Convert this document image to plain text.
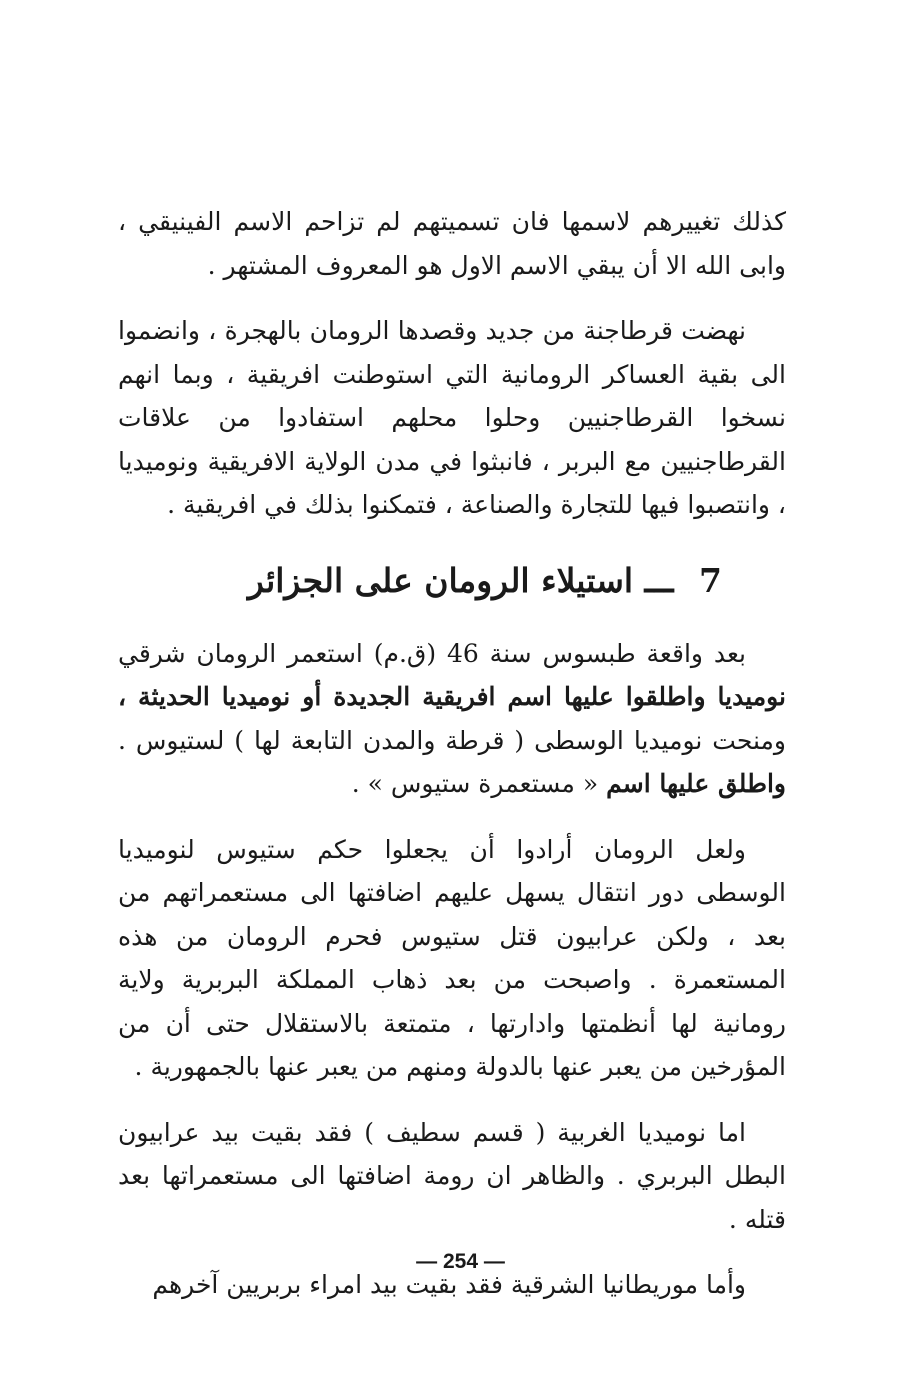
كذلك تغييرهم لاسمها فان تسميتهم لم تزاحم الاسم الفينيقي ، وابى الله الا أن يبقي الاسم الاول هو المعروف المشتهر .

نهضت قرطاجنة من جديد وقصدها الرومان بالهجرة ، وانضموا الى بقية العساكر الرومانية التي استوطنت افريقية ، وبما انهم نسخوا القرطاجنيين وحلوا محلهم استفادوا من علاقات القرطاجنيين مع البربر ، فانبثوا في مدن الولاية الافريقية ونوميديا ، وانتصبوا فيها للتجارة والصناعة ، فتمكنوا بذلك في افريقية .

7 ـــ استيلاء الرومان على الجزائر

بعد واقعة طبسوس سنة 46 (ق.م) استعمر الرومان شرقي نوميديا واطلقوا عليها اسم افريقية الجديدة أو نوميديا الحديثة ، ومنحت نوميديا الوسطى ( قرطة والمدن التابعة لها ) لستيوس . واطلق عليها اسم « مستعمرة ستيوس » .

ولعل الرومان أرادوا أن يجعلوا حكم ستيوس لنوميديا الوسطى دور انتقال يسهل عليهم اضافتها الى مستعمراتهم من بعد ، ولكن عرابيون قتل ستيوس فحرم الرومان من هذه المستعمرة . واصبحت من بعد ذهاب المملكة البربرية ولاية رومانية لها أنظمتها وادارتها ، متمتعة بالاستقلال حتى أن من المؤرخين من يعبر عنها بالدولة ومنهم من يعبر عنها بالجمهورية .

اما نوميديا الغربية ( قسم سطيف ) فقد بقيت بيد عرابيون البطل البربري . والظاهر ان رومة اضافتها الى مستعمراتها بعد قتله .

وأما موريطانيا الشرقية فقد بقيت بيد امراء بربريين آخرهم

— 254 —
